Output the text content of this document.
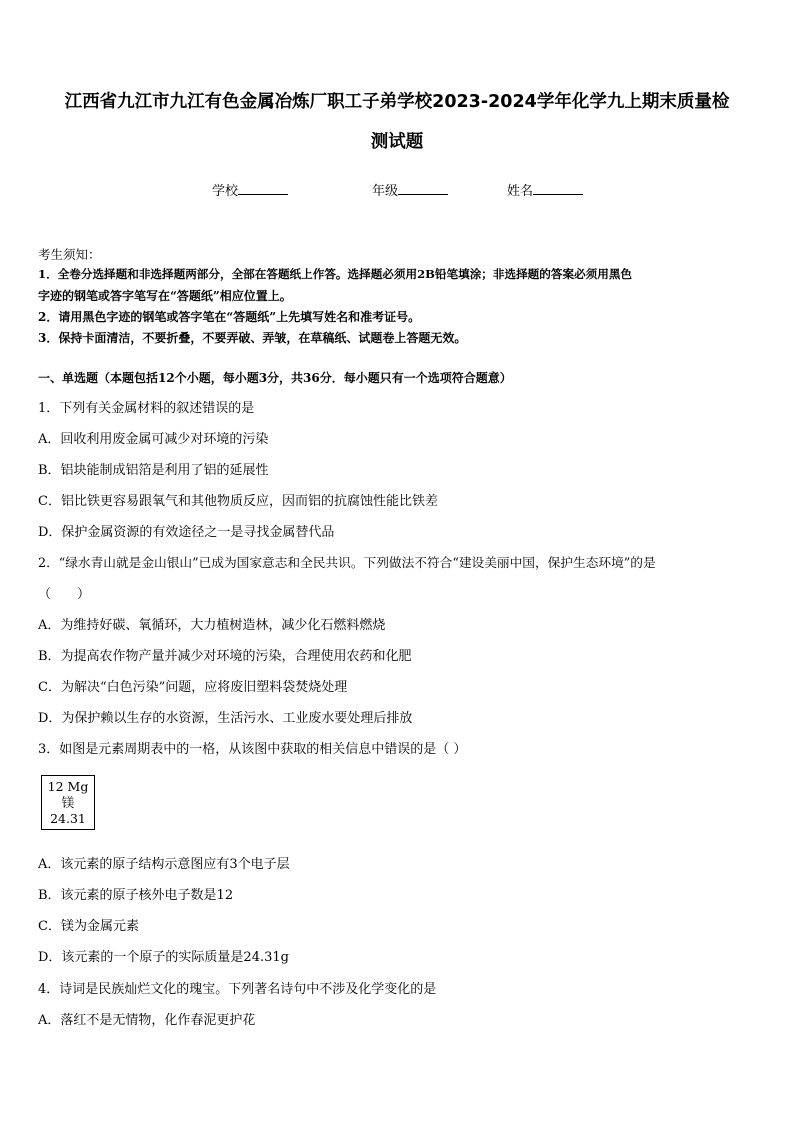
江西省九江市九江有色金属冶炼厂职工子弟学校2023-2024学年化学九上期末质量检
测试题
学校	年级	姓名
考生须知：
1．全卷分选择题和非选择题两部分，全部在答题纸上作答。选择题必须用2B铅笔填涂；非选择题的答案必须用黑色
字迹的钢笔或答字笔写在“答题纸”相应位置上。
2．请用黑色字迹的钢笔或答字笔在“答题纸”上先填写姓名和准考证号。
3．保持卡面清洁，不要折叠，不要弄破、弄皱，在草稿纸、试题卷上答题无效。
一、单选题（本题包括12个小题，每小题3分，共36分．每小题只有一个选项符合题意）
1．下列有关金属材料的叙述错误的是
A．回收利用废金属可减少对环境的污染
B．铝块能制成铝箔是利用了铝的延展性
C．铝比铁更容易跟氧气和其他物质反应，因而铝的抗腐蚀性能比铁差
D．保护金属资源的有效途径之一是寻找金属替代品
2．“绿水青山就是金山银山”已成为国家意志和全民共识。下列做法不符合“建设美丽中国，保护生态环境”的是
（　　）
A．为维持好碳、氧循环，大力植树造林，减少化石燃料燃烧
B．为提高农作物产量并减少对环境的污染，合理使用农药和化肥
C．为解决“白色污染”问题，应将废旧塑料袋焚烧处理
D．为保护赖以生存的水资源，生活污水、工业废水要处理后排放
3．如图是元素周期表中的一格，从该图中获取的相关信息中错误的是（ ）
12 Mg
镁
24.31
A．该元素的原子结构示意图应有3个电子层
B．该元素的原子核外电子数是12
C．镁为金属元素
D．该元素的一个原子的实际质量是24.31g
4．诗词是民族灿烂文化的瑰宝。下列著名诗句中不涉及化学变化的是
A．落红不是无情物，化作春泥更护花
